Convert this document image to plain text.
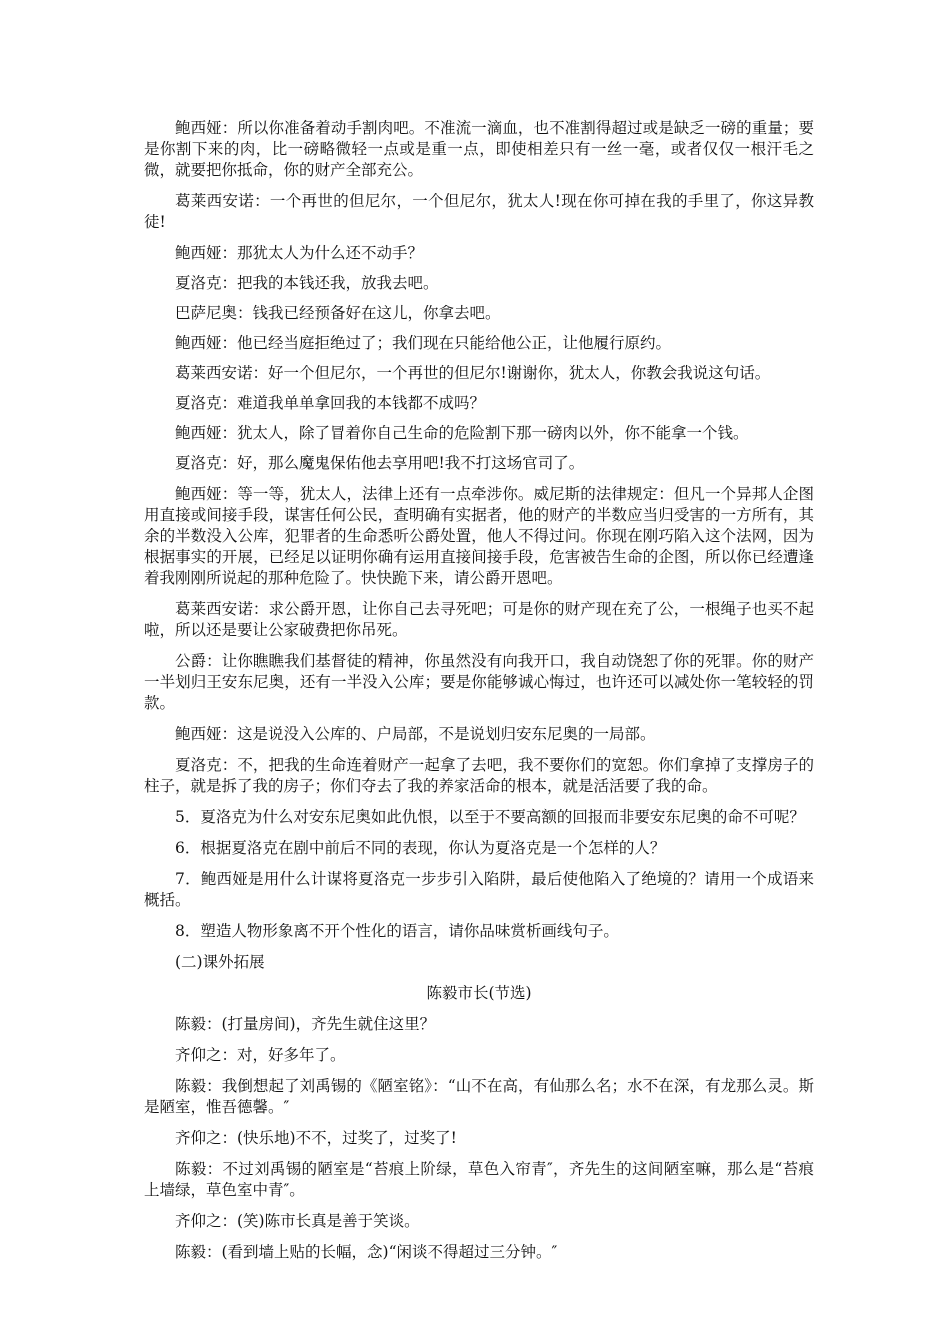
鲍西娅：所以你准备着动手割肉吧。不准流一滴血，也不准割得超过或是缺乏一磅的重量；要是你割下来的肉，比一磅略微轻一点或是重一点，即使相差只有一丝一毫，或者仅仅一根汗毛之微，就要把你抵命，你的财产全部充公。

葛莱西安诺：一个再世的但尼尔，一个但尼尔，犹太人!现在你可掉在我的手里了，你这异教徒!

鲍西娅：那犹太人为什么还不动手？

夏洛克：把我的本钱还我，放我去吧。

巴萨尼奥：钱我已经预备好在这儿，你拿去吧。

鲍西娅：他已经当庭拒绝过了；我们现在只能给他公正，让他履行原约。

葛莱西安诺：好一个但尼尔，一个再世的但尼尔!谢谢你，犹太人，你教会我说这句话。

夏洛克：难道我单单拿回我的本钱都不成吗？

鲍西娅：犹太人，除了冒着你自己生命的危险割下那一磅肉以外，你不能拿一个钱。

夏洛克：好，那么魔鬼保佑他去享用吧!我不打这场官司了。

鲍西娅：等一等，犹太人，法律上还有一点牵涉你。威尼斯的法律规定：但凡一个异邦人企图用直接或间接手段，谋害任何公民，查明确有实据者，他的财产的半数应当归受害的一方所有，其余的半数没入公库，犯罪者的生命悉听公爵处置，他人不得过问。你现在刚巧陷入这个法网，因为根据事实的开展，已经足以证明你确有运用直接间接手段，危害被告生命的企图，所以你已经遭逢着我刚刚所说起的那种危险了。快快跪下来，请公爵开恩吧。

葛莱西安诺：求公爵开恩，让你自己去寻死吧；可是你的财产现在充了公，一根绳子也买不起啦，所以还是要让公家破费把你吊死。

公爵：让你瞧瞧我们基督徒的精神，你虽然没有向我开口，我自动饶恕了你的死罪。你的财产一半划归王安东尼奥，还有一半没入公库；要是你能够诚心悔过，也许还可以减处你一笔较轻的罚款。

鲍西娅：这是说没入公库的、户局部，不是说划归安东尼奥的一局部。

夏洛克：不，把我的生命连着财产一起拿了去吧，我不要你们的宽恕。你们拿掉了支撑房子的柱子，就是拆了我的房子；你们夺去了我的养家活命的根本，就是活活要了我的命。

5．夏洛克为什么对安东尼奥如此仇恨，以至于不要高额的回报而非要安东尼奥的命不可呢？

6．根据夏洛克在剧中前后不同的表现，你认为夏洛克是一个怎样的人？

7．鲍西娅是用什么计谋将夏洛克一步步引入陷阱，最后使他陷入了绝境的？请用一个成语来概括。

8．塑造人物形象离不开个性化的语言，请你品味赏析画线句子。

(二)课外拓展

陈毅市长(节选)

陈毅：(打量房间)，齐先生就住这里？

齐仰之：对，好多年了。

陈毅：我倒想起了刘禹锡的《陋室铭》：“山不在高，有仙那么名；水不在深，有龙那么灵。斯是陋室，惟吾德馨。″

齐仰之：(快乐地)不不，过奖了，过奖了!

陈毅：不过刘禹锡的陋室是“苔痕上阶绿，草色入帘青″，齐先生的这间陋室嘛，那么是“苔痕上墙绿，草色室中青″。

齐仰之：(笑)陈市长真是善于笑谈。

陈毅：(看到墙上贴的长幅，念)“闲谈不得超过三分钟。″
